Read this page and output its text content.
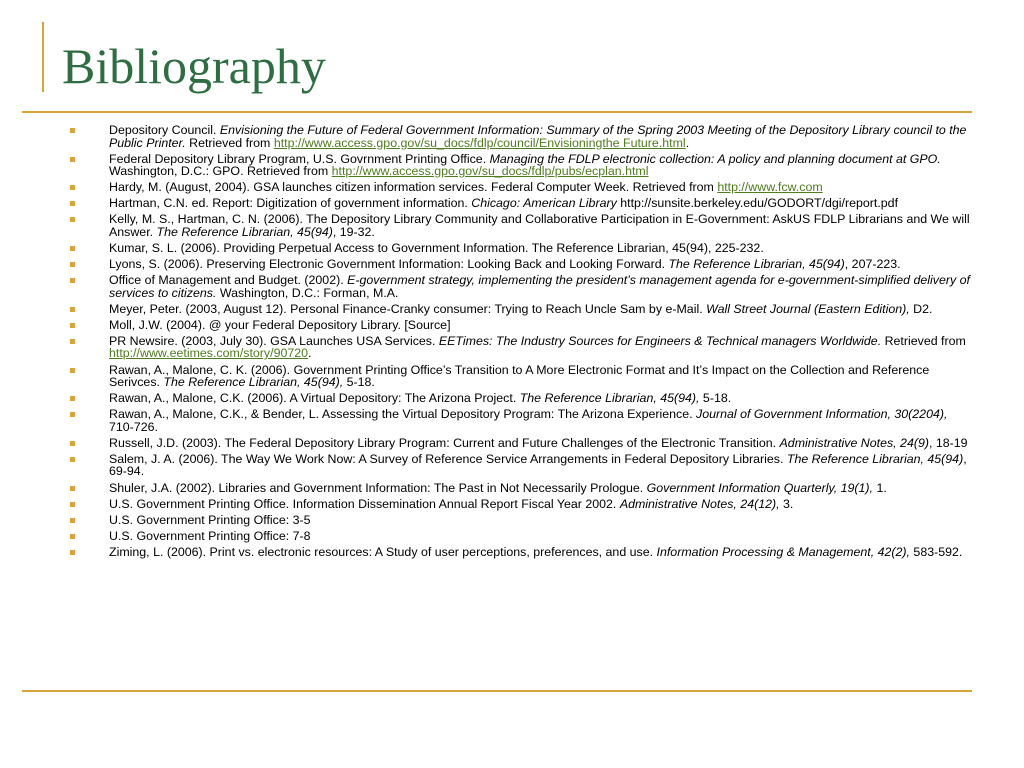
Bibliography
Depository Council. Envisioning the Future of Federal Government Information: Summary of the Spring 2003 Meeting of the Depository Library council to the Public Printer. Retrieved from http://www.access.gpo.gov/su_docs/fdlp/council/Envisioningthe Future.html.
Federal Depository Library Program, U.S. Govrnment Printing Office. Managing the FDLP electronic collection: A policy and planning document at GPO. Washington, D.C.: GPO. Retrieved from http://www.access.gpo.gov/su_docs/fdlp/pubs/ecplan.html
Hardy, M. (August, 2004). GSA launches citizen information services. Federal Computer Week. Retrieved from http://www.fcw.com
Hartman, C.N. ed. Report: Digitization of government information. Chicago: American Library http://sunsite.berkeley.edu/GODORT/dgi/report.pdf
Kelly, M. S., Hartman, C. N. (2006). The Depository Library Community and Collaborative Participation in E-Government: AskUS FDLP Librarians and We will Answer. The Reference Librarian, 45(94), 19-32.
Kumar, S. L. (2006). Providing Perpetual Access to Government Information. The Reference Librarian, 45(94), 225-232.
Lyons, S. (2006). Preserving Electronic Government Information: Looking Back and Looking Forward. The Reference Librarian, 45(94), 207-223.
Office of Management and Budget. (2002). E-government strategy, implementing the president’s management agenda for e-government-simplified delivery of services to citizens. Washington, D.C.: Forman, M.A.
Meyer, Peter. (2003, August 12). Personal Finance-Cranky consumer: Trying to Reach Uncle Sam by e-Mail. Wall Street Journal (Eastern Edition), D2.
Moll, J.W. (2004). @ your Federal Depository Library. [Source]
PR Newsire. (2003, July 30). GSA Launches USA Services. EETimes: The Industry Sources for Engineers & Technical managers Worldwide. Retrieved from http://www.eetimes.com/story/90720.
Rawan, A., Malone, C. K. (2006). Government Printing Office’s Transition to A More Electronic Format and It’s Impact on the Collection and Reference Serivces. The Reference Librarian, 45(94), 5-18.
Rawan, A., Malone, C.K. (2006). A Virtual Depository: The Arizona Project. The Reference Librarian, 45(94), 5-18.
Rawan, A., Malone, C.K., & Bender, L. Assessing the Virtual Depository Program: The Arizona Experience. Journal of Government Information, 30(2204), 710-726.
Russell, J.D. (2003). The Federal Depository Library Program: Current and Future Challenges of the Electronic Transition. Administrative Notes, 24(9), 18-19
Salem, J. A. (2006). The Way We Work Now: A Survey of Reference Service Arrangements in Federal Depository Libraries. The Reference Librarian, 45(94), 69-94.
Shuler, J.A. (2002). Libraries and Government Information: The Past in Not Necessarily Prologue. Government Information Quarterly, 19(1), 1.
U.S. Government Printing Office. Information Dissemination Annual Report Fiscal Year 2002. Administrative Notes, 24(12), 3.
U.S. Government Printing Office: 3-5
U.S. Government Printing Office: 7-8
Ziming, L. (2006). Print vs. electronic resources: A Study of user perceptions, preferences, and use. Information Processing & Management, 42(2), 583-592.
